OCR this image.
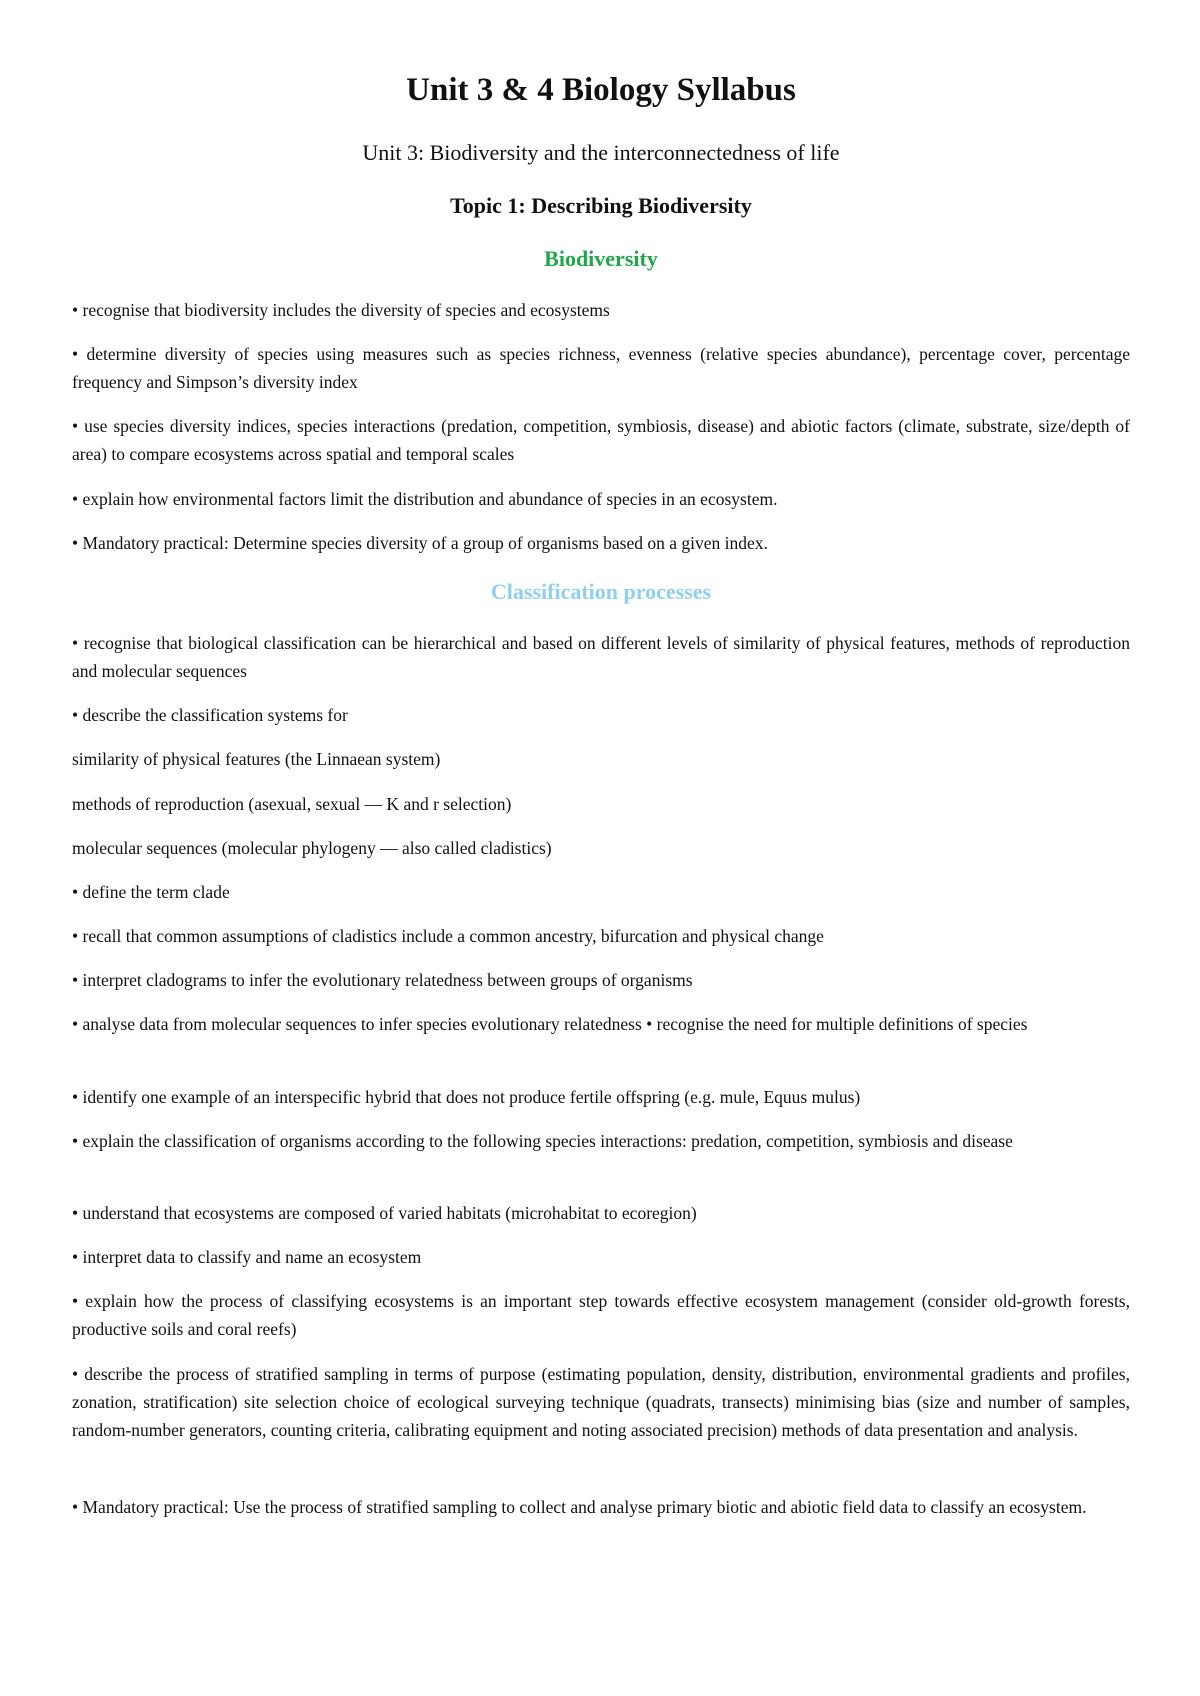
Unit 3 & 4 Biology Syllabus
Unit 3: Biodiversity and the interconnectedness of life
Topic 1: Describing Biodiversity
Biodiversity

• recognise that biodiversity includes the diversity of species and ecosystems

• determine diversity of species using measures such as species richness, evenness (relative species abundance), percentage cover, percentage frequency and Simpson’s diversity index

• use species diversity indices, species interactions (predation, competition, symbiosis, disease) and abiotic factors (climate, substrate, size/depth of area) to compare ecosystems across spatial and temporal scales

• explain how environmental factors limit the distribution and abundance of species in an ecosystem.

• Mandatory practical: Determine species diversity of a group of organisms based on a given index.

Classification processes

• recognise that biological classification can be hierarchical and based on different levels of similarity of physical features, methods of reproduction and molecular sequences

• describe the classification systems for

similarity of physical features (the Linnaean system)

methods of reproduction (asexual, sexual — K and r selection)

molecular sequences (molecular phylogeny — also called cladistics)

• define the term clade

• recall that common assumptions of cladistics include a common ancestry, bifurcation and physical change

• interpret cladograms to infer the evolutionary relatedness between groups of organisms

• analyse data from molecular sequences to infer species evolutionary relatedness • recognise the need for multiple definitions of species

• identify one example of an interspecific hybrid that does not produce fertile offspring (e.g. mule, Equus mulus)

• explain the classification of organisms according to the following species interactions: predation, competition, symbiosis and disease

• understand that ecosystems are composed of varied habitats (microhabitat to ecoregion)

• interpret data to classify and name an ecosystem

• explain how the process of classifying ecosystems is an important step towards effective ecosystem management (consider old-growth forests, productive soils and coral reefs)

• describe the process of stratified sampling in terms of purpose (estimating population, density, distribution, environmental gradients and profiles, zonation, stratification) site selection choice of ecological surveying technique (quadrats, transects) minimising bias (size and number of samples, random-number generators, counting criteria, calibrating equipment and noting associated precision) methods of data presentation and analysis.

• Mandatory practical: Use the process of stratified sampling to collect and analyse primary biotic and abiotic field data to classify an ecosystem.
